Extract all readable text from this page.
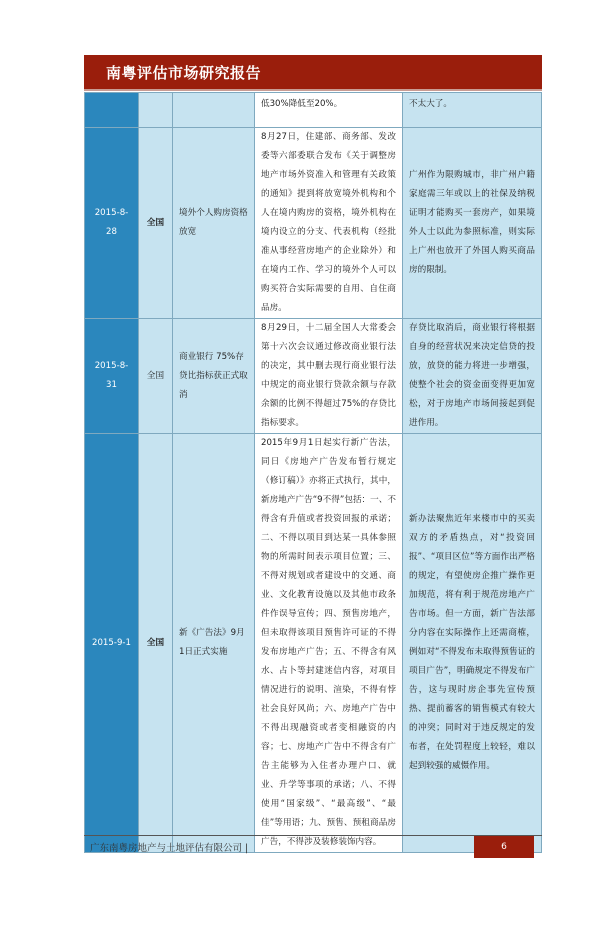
南粤评估市场研究报告
			低30%降低至20%。	不太大了。
2015-8-28	全国	境外个人购房资格放宽	8月27日，住建部、商务部、发改委等六部委联合发布《关于调整房地产市场外资准入和管理有关政策的通知》提到将放宽境外机构和个人在境内购房的资格，境外机构在境内设立的分支、代表机构（经批准从事经营房地产的企业除外）和在境内工作、学习的境外个人可以购买符合实际需要的自用、自住商品房。	广州作为限购城市，非广州户籍家庭需三年或以上的社保及纳税证明才能购买一套房产，如果境外人士以此为参照标准，则实际上广州也放开了外国人购买商品房的限制。
2015-8-31	全国	商业银行 75%存贷比指标获正式取消	8月29日，十二届全国人大常委会第十六次会议通过修改商业银行法的决定，其中删去现行商业银行法中规定的商业银行贷款余额与存款余额的比例不得超过75%的存贷比指标要求。	存贷比取消后，商业银行将根据自身的经营状况来决定信贷的投放，放贷的能力将进一步增强，使整个社会的资金面变得更加宽松，对于房地产市场间接起到促进作用。
2015-9-1	全国	新《广告法》9月1日正式实施	2015年9月1日起实行新广告法，同日《房地产广告发布暂行规定（修订稿）》亦将正式执行，其中，新房地产广告“9不得”包括：一、不得含有升值或者投资回报的承诺；二、不得以项目到达某一具体参照物的所需时间表示项目位置；三、不得对规划或者建设中的交通、商业、文化教育设施以及其他市政条件作误导宣传；四、预售房地产，但未取得该项目预售许可证的不得发布房地产广告；五、不得含有风水、占卜等封建迷信内容，对项目情况进行的说明、渲染，不得有悖社会良好风尚；六、房地产广告中不得出现融资或者变相融资的内容；七、房地产广告中不得含有广告主能够为入住者办理户口、就业、升学等事项的承诺；八、不得使用“国家级”、“最高级”、“最佳”等用语；九、预售、预租商品房广告，不得涉及装修装饰内容。	新办法聚焦近年来楼市中的买卖双方的矛盾热点，对“投资回报”、“项目区位”等方面作出严格的规定，有望使房企推广操作更加规范，将有利于规范房地产广告市场。但一方面，新广告法部分内容在实际操作上还需商榷，例如对“不得发布未取得预售证的项目广告”，明确规定不得发布广告，这与现时房企事先宣传预热、提前蓄客的销售模式有较大的冲突；同时对于违反规定的发布者，在处罚程度上较轻，难以起到较强的威慑作用。
广东南粤房地产与土地评估有限公司 |	6
